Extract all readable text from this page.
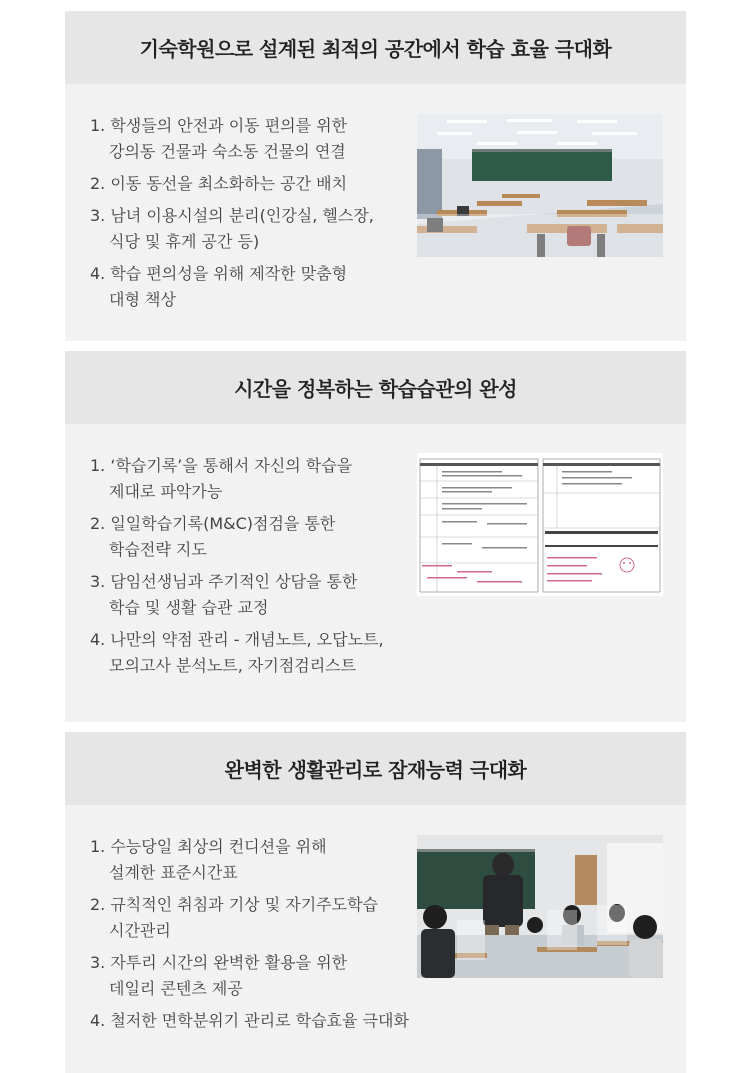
기숙학원으로 설계된 최적의 공간에서 학습 효율 극대화
1. 학생들의 안전과 이동 편의를 위한
강의동 건물과 숙소동 건물의 연결
2. 이동 동선을 최소화하는 공간 배치
3. 남녀 이용시설의 분리(인강실, 헬스장,
식당 및 휴게 공간 등)
4. 학습 편의성을 위해 제작한 맞춤형
대형 책상
시간을 정복하는 학습습관의 완성
1. ‘학습기록’을 통해서 자신의 학습을
제대로 파악가능
2. 일일학습기록(M&C)점검을 통한
학습전략 지도
3. 담임선생님과 주기적인 상담을 통한
학습 및 생활 습관 교정
4. 나만의 약점 관리 - 개념노트, 오답노트,
모의고사 분석노트, 자기점검리스트
완벽한 생활관리로 잠재능력 극대화
1. 수능당일 최상의 컨디션을 위해
설계한 표준시간표
2. 규칙적인 취침과 기상 및 자기주도학습
시간관리
3. 자투리 시간의 완벽한 활용을 위한
데일리 콘텐츠 제공
4. 철저한 면학분위기 관리로 학습효율 극대화
